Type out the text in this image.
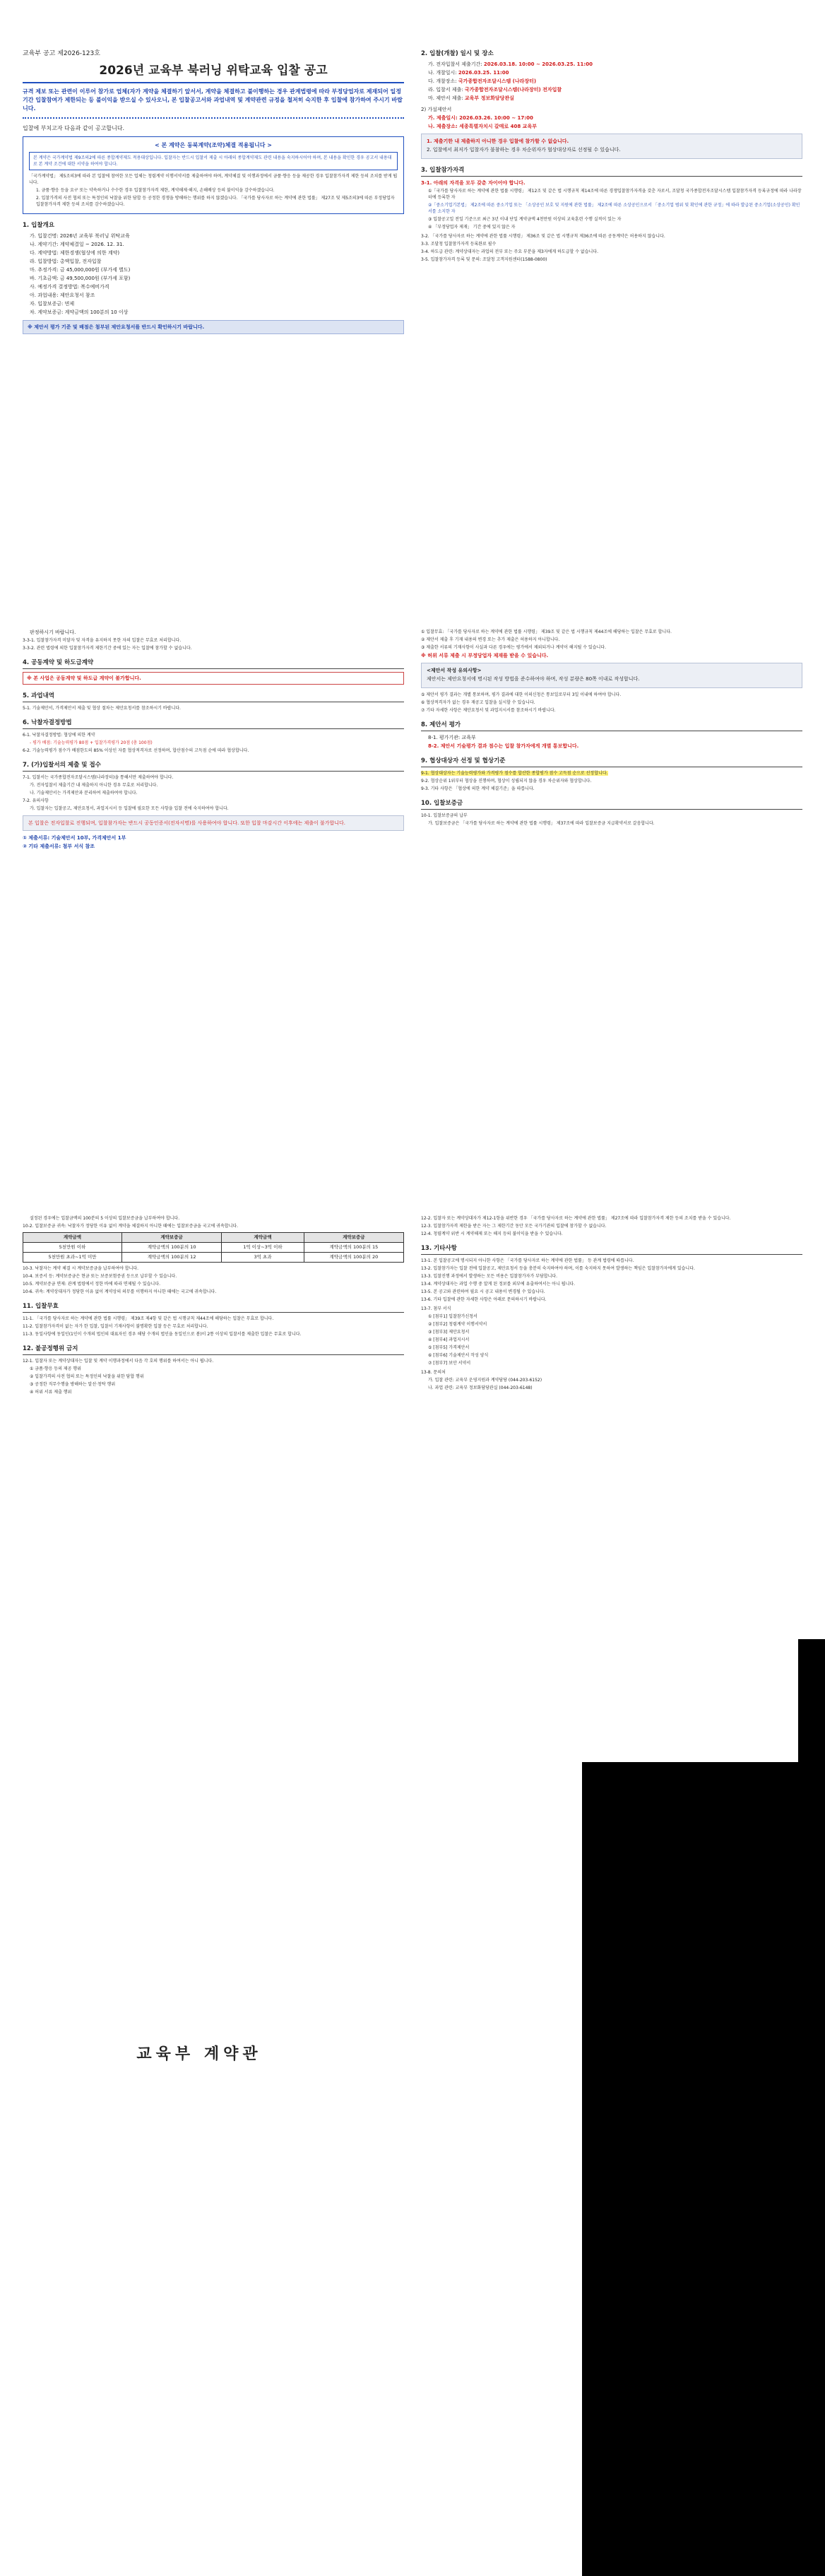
교육부 공고 제2026-123호
2026년 교육부 북러닝 위탁교육 입찰 공고
규격 제보 또는 관련이 이루어 참가로 업체(자가 계약을 체결하기 앞서서, 계약을 체결하고 불이행하는 경우 관계법령에 따라 부정당업자로 제재되어 일정기간 입찰참여가 제한되는 등 불이익을 받으실 수 있사오니, 본 입찰공고서와 과업내역 및 계약관련 규정을 철저히 숙지한 후 입찰에 참가하여 주시기 바랍니다.
입찰에 부치고자 다음과 같이 공고합니다.
< 본 계약은 동북계약(조약)체결 적용됩니다 >
본 계약은 국가계약법 제9조의2에 따른 종합계약제도 적용대상입니다. 입찰자는 반드시 입찰서 제출 시 아래의 종합계약제도 관련 내용을 숙지하시어야 하며, 본 내용을 확인한 경우 공고서 내용대로 본 계약 조건에 대한 서약을 하여야 합니다.
「국가계약법」 제5조의3에 따라 본 입찰에 참여한 모든 업체는 청렴계약 이행서약서를 제출하여야 하며, 계약체결 및 이행과정에서 금품·향응 등을 제공한 경우 입찰참가자격 제한 등의 조치를 받게 됩니다.
1. 금품·향응 등을 요구 또는 약속하거나 수수한 경우 입찰참가자격 제한, 계약해제·해지, 손해배상 등의 불이익을 감수하겠습니다.
2. 입찰가격의 사전 협의 또는 특정인의 낙찰을 위한 담합 등 공정한 경쟁을 방해하는 행위를 하지 않겠습니다. 「국가를 당사자로 하는 계약에 관한 법률」 제27조 및 제5조의3에 따른 부정당업자 입찰참가자격 제한 등의 조치를 감수하겠습니다.
1. 입찰개요
가. 입찰건명: 2026년 교육부 북러닝 위탁교육
나. 계약기간: 계약체결일 ~ 2026. 12. 31.
다. 계약방법: 제한경쟁(협상에 의한 계약)
라. 입찰방법: 총액입찰, 전자입찰
마. 추정가격: 금 45,000,000원 (부가세 별도)
바. 기초금액: 금 49,500,000원 (부가세 포함)
사. 예정가격 결정방법: 복수예비가격
아. 과업내용: 제안요청서 참조
자. 입찰보증금: 면제
차. 계약보증금: 계약금액의 100분의 10 이상
※ 제안서 평가 기준 및 배점은 첨부된 제안요청서를 반드시 확인하시기 바랍니다.
2. 입찰(개찰) 일시 및 장소
가. 전자입찰서 제출기간: 2026.03.18. 10:00 ~ 2026.03.25. 11:00
나. 개찰일시: 2026.03.25. 11:00
다. 개찰장소: 국가종합전자조달시스템 (나라장터)
라. 입찰서 제출: 국가종합전자조달시스템(나라장터) 전자입찰
마. 제안서 제출: 교육부 정보화담당관실
2) 가설제안서
가. 제출일시: 2026.03.26. 10:00 ~ 17:00
나. 제출장소: 세종특별자치시 갈매로 408 교육부
1. 제출기한 내 제출하지 아니한 경우 입찰에 참가할 수 없습니다.
2. 입찰에서 최저가 입찰자가 불참하는 경우 차순위자가 협상대상자로 선정될 수 있습니다.
3. 입찰참가자격
3-1. 아래의 자격을 모두 갖춘 자이어야 합니다.
①「국가를 당사자로 하는 계약에 관한 법률 시행령」 제12조 및 같은 법 시행규칙 제14조에 따른 경쟁입찰참가자격을 갖춘 자로서, 조달청 국가종합전자조달시스템 입찰참가자격 등록규정에 따라 나라장터에 등록한 자
②「중소기업기본법」 제2조에 따른 중소기업 또는 「소상공인 보호 및 지원에 관한 법률」 제2조에 따른 소상공인으로서 「중소기업 범위 및 확인에 관한 규정」에 따라 발급된 중소기업(소상공인) 확인서를 소지한 자
③ 입찰공고일 전일 기준으로 최근 3년 이내 단일 계약금액 4천만원 이상의 교육훈련 수행 실적이 있는 자
④ 「부정당업자 제재」 기간 중에 있지 않은 자
3-2. 「국가를 당사자로 하는 계약에 관한 법률 시행령」 제36조 및 같은 법 시행규칙 제36조에 따른 공동계약은 허용하지 않습니다.
3-3. 조달청 입찰참가자격 등록완료 필수
3-4. 하도급 관련: 계약상대자는 과업의 전부 또는 주요 부분을 제3자에게 하도급할 수 없습니다.
3-5. 입찰참가자격 등록 및 문의: 조달청 고객지원센터(1588-0800)
판정하시기 바랍니다.
3-3-1. 입찰참가자격 미달자 및 자격을 유지하지 못한 자의 입찰은 무효로 처리합니다.
3-3-2. 관련 법령에 의한 입찰참가자격 제한기간 중에 있는 자는 입찰에 참가할 수 없습니다.
4. 공동계약 및 하도급계약
※ 본 사업은 공동계약 및 하도급 계약이 불가합니다.
5. 과업내역
5-1. 기술제안서, 가격제안서 제출 및 협상 절차는 제안요청서를 참조하시기 바랍니다.
6. 낙찰자결정방법
6-1. 낙찰자결정방법: 협상에 의한 계약
- 평가 배점: 기술능력평가 80점 + 입찰가격평가 20점 (총 100점)
6-2. 기술능력평가 점수가 배점한도의 85% 이상인 자를 협상적격자로 선정하며, 합산점수의 고득점 순에 따라 협상합니다.
7. (가)입찰서의 제출 및 접수
7-1. 입찰서는 국가종합전자조달시스템(나라장터)을 통해서만 제출하여야 합니다.
가. 전자입찰서 제출기간 내 제출하지 아니한 경우 무효로 처리합니다.
나. 기술제안서는 가격제안과 분리하여 제출하여야 합니다.
7-2. 유의사항
가. 입찰자는 입찰공고, 제안요청서, 과업지시서 등 입찰에 필요한 모든 사항을 입찰 전에 숙지하여야 합니다.
본 입찰은 전자입찰로 진행되며, 입찰참가자는 반드시 공동인증서(전자서명)를 사용하여야 합니다. 또한 입찰 마감시간 이후에는 제출이 불가합니다.
① 제출서류: 기술제안서 10부, 가격제안서 1부
② 기타 제출서류: 첨부 서식 참조
① 입찰무효: 「국가를 당사자로 하는 계약에 관한 법률 시행령」 제39조 및 같은 법 시행규칙 제44조에 해당하는 입찰은 무효로 합니다.
② 제안서 제출 후 기재 내용의 변경 또는 추가 제출은 허용하지 아니합니다.
③ 제출한 서류의 기재사항이 사실과 다른 경우에는 평가에서 제외되거나 계약이 해지될 수 있습니다.
※ 허위 서류 제출 시 부정당업자 제재를 받을 수 있습니다.
<제안서 작성 유의사항>
제안서는 제안요청서에 명시된 작성 방법을 준수하여야 하며, 작성 분량은 80쪽 이내로 작성합니다.
⑤ 제안서 평가 결과는 개별 통보하며, 평가 결과에 대한 이의신청은 통보일로부터 3일 이내에 하여야 합니다.
⑥ 협상적격자가 없는 경우 재공고 입찰을 실시할 수 있습니다.
⑦ 기타 자세한 사항은 제안요청서 및 과업지시서를 참조하시기 바랍니다.
8. 제안서 평가
8-1. 평가기관: 교육부
8-2. 제안서 기술평가 결과 점수는 입찰 참가자에게 개별 통보합니다.
9. 협상대상자 선정 및 협상기준
9-1. 협상대상자는 기술능력평가와 가격평가 점수를 합산한 종합평가 점수 고득점 순으로 선정합니다.
9-2. 협상순위 1위부터 협상을 진행하며, 협상이 성립되지 않을 경우 차순위자와 협상합니다.
9-3. 기타 사항은 「협상에 의한 계약 체결기준」을 따릅니다.
10. 입찰보증금
10-1. 입찰보증금의 납부
가. 입찰보증금은 「국가를 당사자로 하는 계약에 관한 법률 시행령」 제37조에 따라 입찰보증금 지급확약서로 갈음합니다.
설정된 경우에는 입찰금액의 100분의 5 이상의 입찰보증금을 납부하여야 합니다.
10-2. 입찰보증금 귀속: 낙찰자가 정당한 이유 없이 계약을 체결하지 아니한 때에는 입찰보증금을 국고에 귀속합니다.
계약금액	계약보증금	계약금액	계약보증금
5천만원 이하	계약금액의 100분의 10	1억 이상~3억 이하	계약금액의 100분의 15
5천만원 초과~1억 미만	계약금액의 100분의 12	3억 초과	계약금액의 100분의 20
10-3. 낙찰자는 계약 체결 시 계약보증금을 납부하여야 합니다.
10-4. 보증서 등: 계약보증금은 현금 또는 보증보험증권 등으로 납부할 수 있습니다.
10-5. 계약보증금 면제: 관계 법령에서 정한 바에 따라 면제될 수 있습니다.
10-6. 귀속: 계약상대자가 정당한 이유 없이 계약상의 의무를 이행하지 아니한 때에는 국고에 귀속합니다.
11. 입찰무효
11-1. 「국가를 당사자로 하는 계약에 관한 법률 시행령」 제39조 제4항 및 같은 법 시행규칙 제44조에 해당하는 입찰은 무효로 합니다.
11-2. 입찰참가자격이 없는 자가 한 입찰, 입찰서 기재사항이 불명확한 입찰 등은 무효로 처리합니다.
11-3. 동일사항에 동일인(1인이 수개의 법인의 대표자인 경우 해당 수개의 법인을 동일인으로 봄)이 2통 이상의 입찰서를 제출한 입찰은 무효로 합니다.
12. 불공정행위 금지
12-1. 입찰자 또는 계약상대자는 입찰 및 계약 이행과정에서 다음 각 호의 행위를 하여서는 아니 됩니다.
① 금품·향응 등의 제공 행위
② 입찰가격의 사전 협의 또는 특정인의 낙찰을 위한 담합 행위
③ 공정한 직무수행을 방해하는 알선·청탁 행위
④ 허위 서류 제출 행위
12-2. 입찰자 또는 계약상대자가 제12-1항을 위반한 경우 「국가를 당사자로 하는 계약에 관한 법률」 제27조에 따라 입찰참가자격 제한 등의 조치를 받을 수 있습니다.
12-3. 입찰참가자격 제한을 받은 자는 그 제한기간 동안 모든 국가기관의 입찰에 참가할 수 없습니다.
12-4. 청렴계약 위반 시 계약해제 또는 해지 등의 불이익을 받을 수 있습니다.
13. 기타사항
13-1. 본 입찰공고에 명시되지 아니한 사항은 「국가를 당사자로 하는 계약에 관한 법률」 등 관계 법령에 따릅니다.
13-2. 입찰참가자는 입찰 전에 입찰공고, 제안요청서 등을 충분히 숙지하여야 하며, 이를 숙지하지 못하여 발생하는 책임은 입찰참가자에게 있습니다.
13-3. 입찰진행 과정에서 발생하는 모든 비용은 입찰참가자가 부담합니다.
13-4. 계약상대자는 과업 수행 중 알게 된 정보를 외부에 유출하여서는 아니 됩니다.
13-5. 본 공고와 관련하여 필요 시 공고 내용이 변경될 수 있습니다.
13-6. 기타 입찰에 관한 자세한 사항은 아래로 문의하시기 바랍니다.
13-7. 첨부 서식
① [첨부1] 입찰참가신청서
② [첨부2] 청렴계약 이행서약서
③ [첨부3] 제안요청서
④ [첨부4] 과업지시서
⑤ [첨부5] 가격제안서
⑥ [첨부6] 기술제안서 작성 양식
⑦ [첨부7] 보안 서약서
13-8. 문의처
가. 입찰 관련: 교육부 운영지원과 계약담당 (044-203-6152)
나. 과업 관련: 교육부 정보화담당관실 (044-203-6148)
교육부 계약관
